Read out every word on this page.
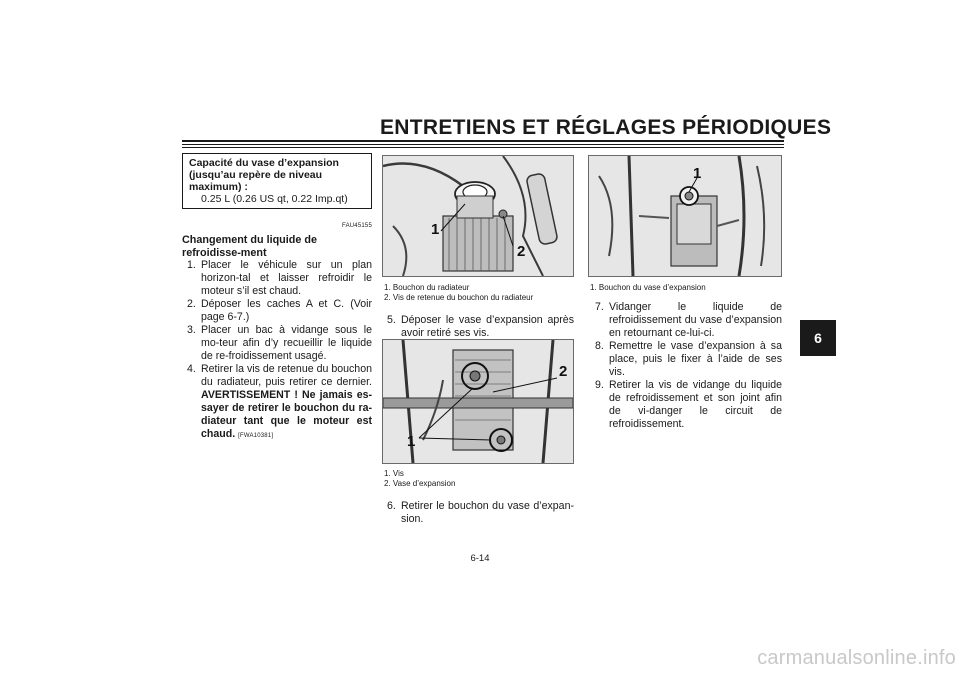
ENTRETIENS ET RÉGLAGES PÉRIODIQUES
6
Capacité du vase d’expansion (jusqu’au repère de niveau maximum) :
0.25 L (0.26 US qt, 0.22 Imp.qt)
FAU45155
Changement du liquide de refroidisse-ment
1. Placer le véhicule sur un plan horizon-tal et laisser refroidir le moteur s’il est chaud.
2. Déposer les caches A et C. (Voir page 6-7.)
3. Placer un bac à vidange sous le mo-teur afin d’y recueillir le liquide de re-froidissement usagé.
4. Retirer la vis de retenue du bouchon du radiateur, puis retirer ce dernier. AVERTISSEMENT ! Ne jamais es-sayer de retirer le bouchon du ra-diateur tant que le moteur est chaud. [FWA10381]
1
2
1. Bouchon du radiateur
2. Vis de retenue du bouchon du radiateur
5. Déposer le vase d’expansion après avoir retiré ses vis.
1
2
1. Vis
2. Vase d’expansion
6. Retirer le bouchon du vase d’expan-sion.
1
1. Bouchon du vase d’expansion
7. Vidanger le liquide de refroidissement du vase d’expansion en retournant ce-lui-ci.
8. Remettre le vase d’expansion à sa place, puis le fixer à l’aide de ses vis.
9. Retirer la vis de vidange du liquide de refroidissement et son joint afin de vi-danger le circuit de refroidissement.
6-14
carmanualsonline.info
